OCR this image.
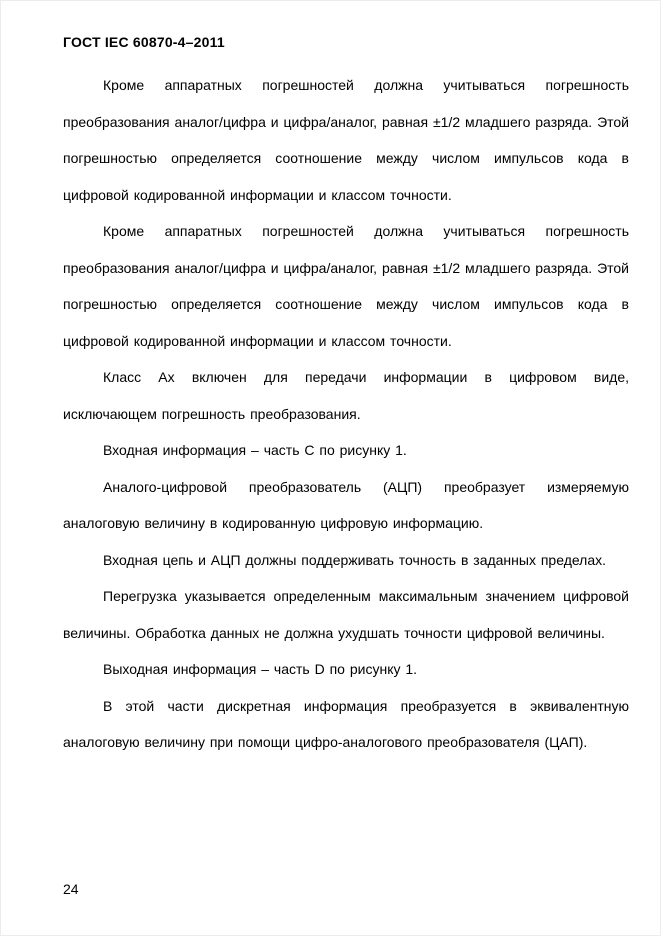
ГОСТ IEC 60870-4–2011

Кроме аппаратных погрешностей должна учитываться погрешность преобразования аналог/цифра и цифра/аналог, равная ±1/2 младшего разряда. Этой погрешностью определяется соотношение между числом импульсов кода в цифровой кодированной информации и классом точности.

Кроме аппаратных погрешностей должна учитываться погрешность преобразования аналог/цифра и цифра/аналог, равная ±1/2 младшего разряда. Этой погрешностью определяется соотношение между числом импульсов кода в цифровой кодированной информации и классом точности.

Класс Ах включен для передачи информации в цифровом виде, исключающем погрешность преобразования.

Входная информация – часть C по рисунку 1.

Аналого-цифровой преобразователь (АЦП) преобразует измеряемую аналоговую величину в кодированную цифровую информацию.

Входная цепь и АЦП должны поддерживать точность в заданных пределах.

Перегрузка указывается определенным максимальным значением цифровой величины. Обработка данных не должна ухудшать точности цифровой величины.

Выходная информация – часть D по рисунку 1.

В этой части дискретная информация преобразуется в эквивалентную аналоговую величину при помощи цифро-аналогового преобразователя (ЦАП).

24
